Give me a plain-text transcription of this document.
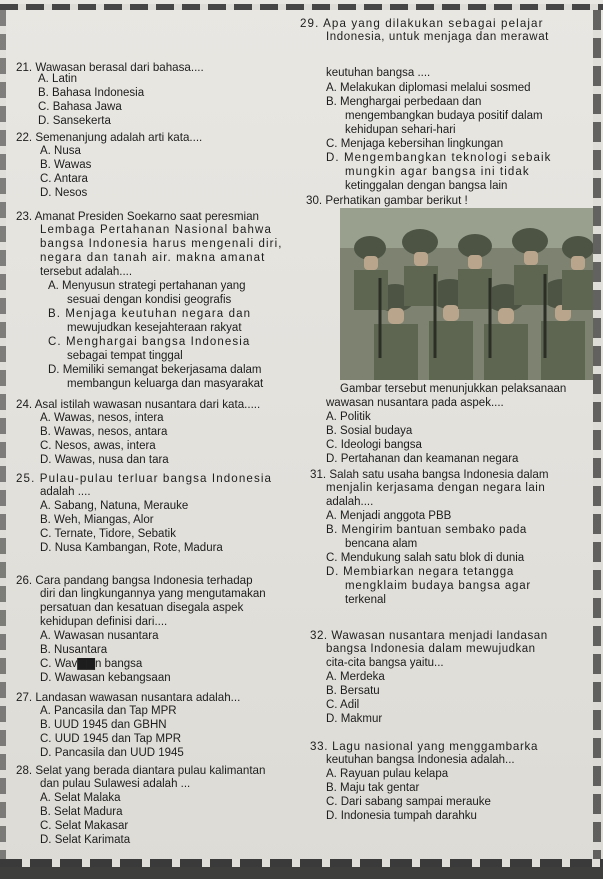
21. Wawasan berasal dari bahasa....
A. Latin
B. Bahasa Indonesia
C. Bahasa Jawa
D. Sansekerta
22. Semenanjung adalah arti kata....
A. Nusa
B. Wawas
C. Antara
D. Nesos
23. Amanat Presiden Soekarno saat peresmian
Lembaga Pertahanan Nasional bahwa
bangsa Indonesia harus mengenali diri,
negara dan tanah air. makna amanat
tersebut adalah....
A. Menyusun strategi pertahanan yang
sesuai dengan kondisi geografis
B. Menjaga keutuhan negara dan
mewujudkan kesejahteraan rakyat
C. Menghargai bangsa Indonesia
sebagai tempat tinggal
D. Memiliki semangat bekerjasama dalam
membangun keluarga dan masyarakat
24. Asal istilah wawasan nusantara dari kata.....
A. Wawas, nesos, intera
B. Wawas, nesos, antara
C. Nesos, awas, intera
D. Wawas, nusa dan tara
25. Pulau-pulau terluar bangsa Indonesia
adalah ....
A. Sabang, Natuna, Merauke
B. Weh, Miangas, Alor
C. Ternate, Tidore, Sebatik
D. Nusa Kambangan, Rote, Madura
26. Cara pandang bangsa Indonesia terhadap
diri dan lingkungannya yang mengutamakan
persatuan dan kesatuan disegala aspek
kehidupan definisi dari....
A. Wawasan nusantara
B. Nusantara
C. Wav▇▇n bangsa
D. Wawasan kebangsaan
27. Landasan wawasan nusantara adalah...
A. Pancasila dan Tap MPR
B. UUD 1945 dan GBHN
C. UUD 1945 dan Tap MPR
D. Pancasila dan UUD 1945
28. Selat yang berada diantara pulau kalimantan
dan pulau Sulawesi adalah ...
A. Selat Malaka
B. Selat Madura
C. Selat Makasar
D. Selat Karimata
29. Apa yang dilakukan sebagai pelajar
Indonesia, untuk menjaga dan merawat
keutuhan bangsa ....
A. Melakukan diplomasi melalui sosmed
B. Menghargai perbedaan dan
mengembangkan budaya positif dalam
kehidupan sehari-hari
C. Menjaga kebersihan lingkungan
D. Mengembangkan teknologi sebaik
mungkin agar bangsa ini tidak
ketinggalan dengan bangsa lain
30. Perhatikan gambar berikut !
Gambar tersebut menunjukkan pelaksanaan
wawasan nusantara pada aspek....
A. Politik
B. Sosial budaya
C. Ideologi bangsa
D. Pertahanan dan keamanan negara
31. Salah satu usaha bangsa Indonesia dalam
menjalin kerjasama dengan negara lain
adalah....
A. Menjadi anggota PBB
B. Mengirim bantuan sembako pada
bencana alam
C. Mendukung salah satu blok di dunia
D. Membiarkan negara tetangga
mengklaim budaya bangsa agar
terkenal
32. Wawasan nusantara menjadi landasan
bangsa Indonesia dalam mewujudkan
cita-cita bangsa yaitu...
A. Merdeka
B. Bersatu
C. Adil
D. Makmur
33. Lagu nasional yang menggambarka
keutuhan bangsa Indonesia adalah...
A. Rayuan pulau kelapa
B. Maju tak gentar
C. Dari sabang sampai merauke
D. Indonesia tumpah darahku
